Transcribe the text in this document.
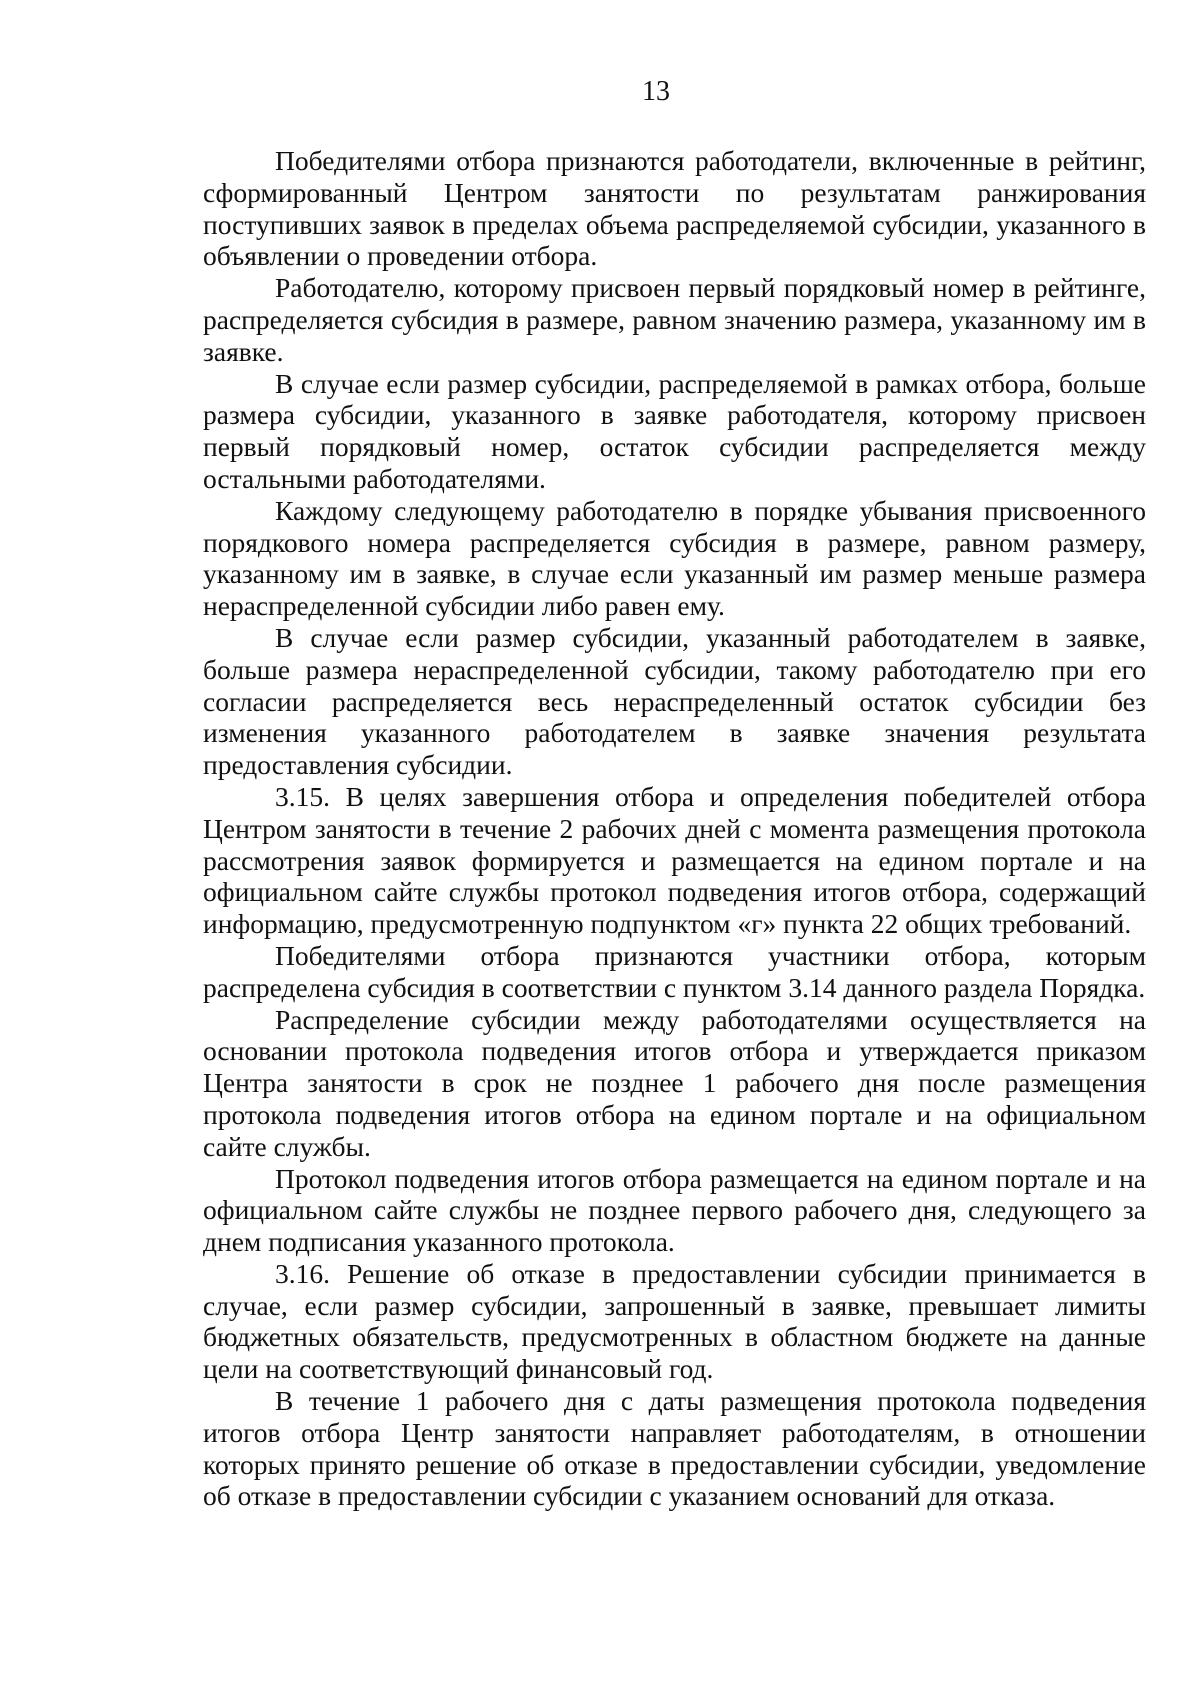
13

Победителями отбора признаются работодатели, включенные в рейтинг, сформированный Центром занятости по результатам ранжирования поступивших заявок в пределах объема распределяемой субсидии, указанного в объявлении о проведении отбора.

Работодателю, которому присвоен первый порядковый номер в рейтинге, распределяется субсидия в размере, равном значению размера, указанному им в заявке.

В случае если размер субсидии, распределяемой в рамках отбора, больше размера субсидии, указанного в заявке работодателя, которому присвоен первый порядковый номер, остаток субсидии распределяется между остальными работодателями.

Каждому следующему работодателю в порядке убывания присвоенного порядкового номера распределяется субсидия в размере, равном размеру, указанному им в заявке, в случае если указанный им размер меньше размера нераспределенной субсидии либо равен ему.

В случае если размер субсидии, указанный работодателем в заявке, больше размера нераспределенной субсидии, такому работодателю при его согласии распределяется весь нераспределенный остаток субсидии без изменения указанного работодателем в заявке значения результата предоставления субсидии.

3.15. В целях завершения отбора и определения победителей отбора Центром занятости в течение 2 рабочих дней с момента размещения протокола рассмотрения заявок формируется и размещается на едином портале и на официальном сайте службы протокол подведения итогов отбора, содержащий информацию, предусмотренную подпунктом «г» пункта 22 общих требований.

Победителями отбора признаются участники отбора, которым распределена субсидия в соответствии с пунктом 3.14 данного раздела Порядка.

Распределение субсидии между работодателями осуществляется на основании протокола подведения итогов отбора и утверждается приказом Центра занятости в срок не позднее 1 рабочего дня после размещения протокола подведения итогов отбора на едином портале и на официальном сайте службы.

Протокол подведения итогов отбора размещается на едином портале и на официальном сайте службы не позднее первого рабочего дня, следующего за днем подписания указанного протокола.

3.16. Решение об отказе в предоставлении субсидии принимается в случае, если размер субсидии, запрошенный в заявке, превышает лимиты бюджетных обязательств, предусмотренных в областном бюджете на данные цели на соответствующий финансовый год.

В течение 1 рабочего дня с даты размещения протокола подведения итогов отбора Центр занятости направляет работодателям, в отношении которых принято решение об отказе в предоставлении субсидии, уведомление об отказе в предоставлении субсидии с указанием оснований для отказа.
